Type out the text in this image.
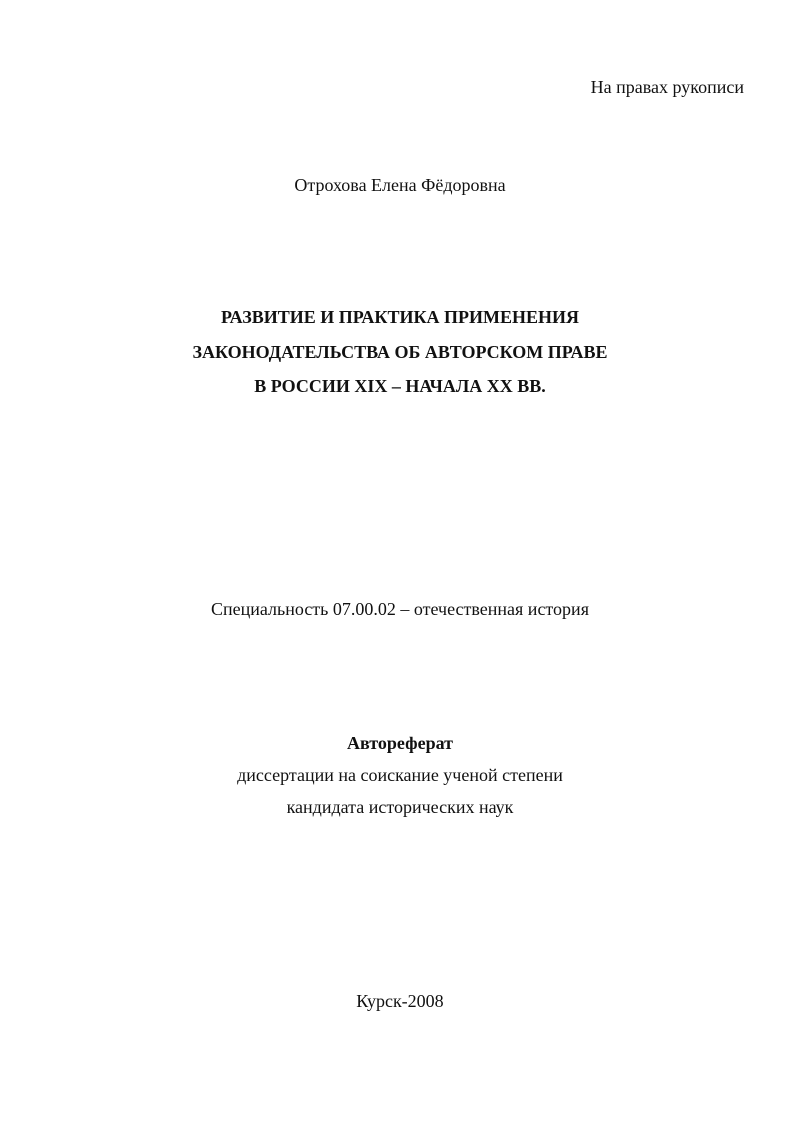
На правах рукописи
Отрохова Елена Фёдоровна
РАЗВИТИЕ И ПРАКТИКА ПРИМЕНЕНИЯ
ЗАКОНОДАТЕЛЬСТВА ОБ АВТОРСКОМ ПРАВЕ
В РОССИИ XIX – НАЧАЛА XX ВВ.
Специальность 07.00.02 – отечественная история
Автореферат
диссертации на соискание ученой степени
кандидата исторических наук
Курск-2008
